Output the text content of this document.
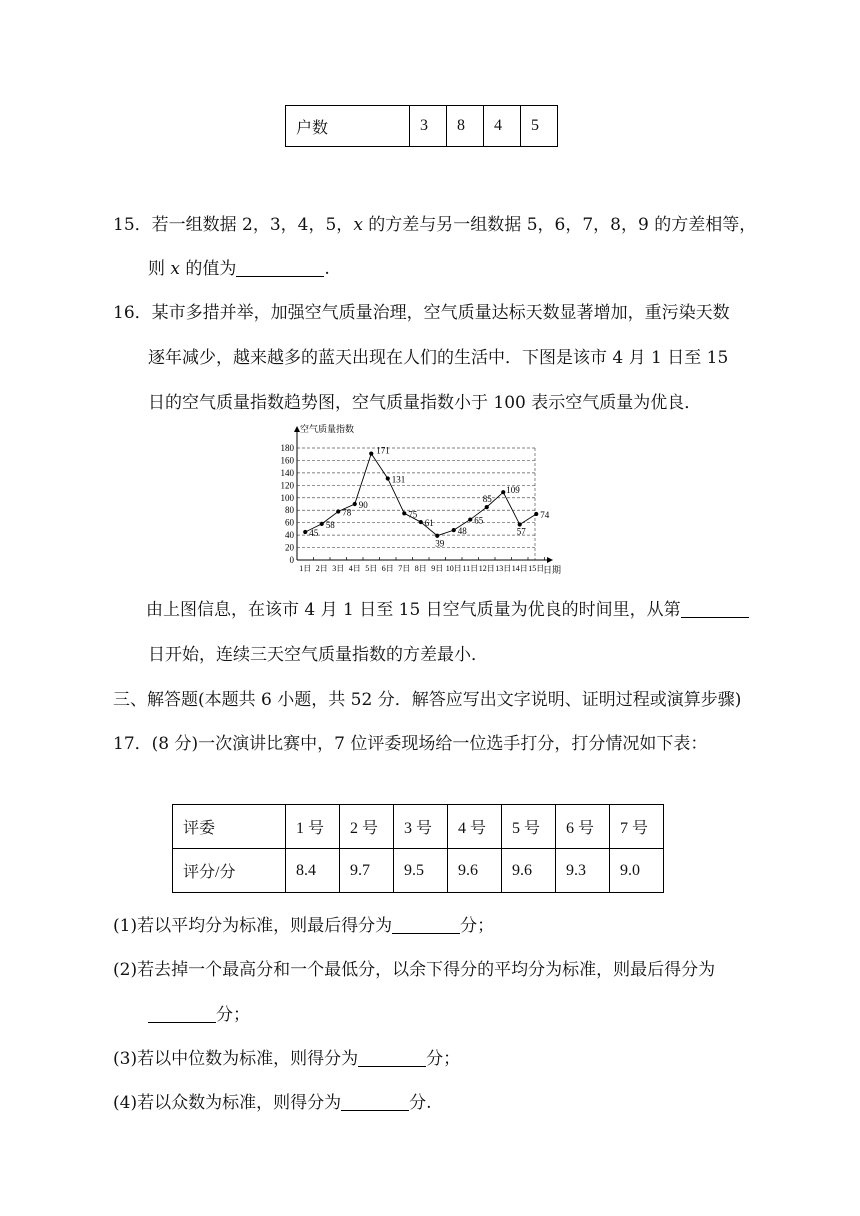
户数	3	8	4	5
15．若一组数据 2，3，4，5，x 的方差与另一组数据 5，6，7，8，9 的方差相等，
则 x 的值为	.
16．某市多措并举，加强空气质量治理，空气质量达标天数显著增加，重污染天数
逐年减少，越来越多的蓝天出现在人们的生活中．下图是该市 4 月 1 日至 15
日的空气质量指数趋势图，空气质量指数小于 100 表示空气质量为优良．
0
20
40
60
80
100
120
140
160
180
空气质量指数
日期
1日 2日 3日 4日 5日 6日 7日 8日 9日 10日 11日 12日 13日 14日 15日
45
58
78
90
171
131
75
61
39
48
65
85
109
57
74
由上图信息，在该市 4 月 1 日至 15 日空气质量为优良的时间里，从第
日开始，连续三天空气质量指数的方差最小．
三、解答题(本题共 6 小题，共 52 分．解答应写出文字说明、证明过程或演算步骤)
17．(8 分)一次演讲比赛中，7 位评委现场给一位选手打分，打分情况如下表：
评委	1 号	2 号	3 号	4 号	5 号	6 号	7 号
评分/分	8.4	9.7	9.5	9.6	9.6	9.3	9.0
(1)若以平均分为标准，则最后得分为	分；
(2)若去掉一个最高分和一个最低分，以余下得分的平均分为标准，则最后得分为
分；
(3)若以中位数为标准，则得分为	分；
(4)若以众数为标准，则得分为	分.
